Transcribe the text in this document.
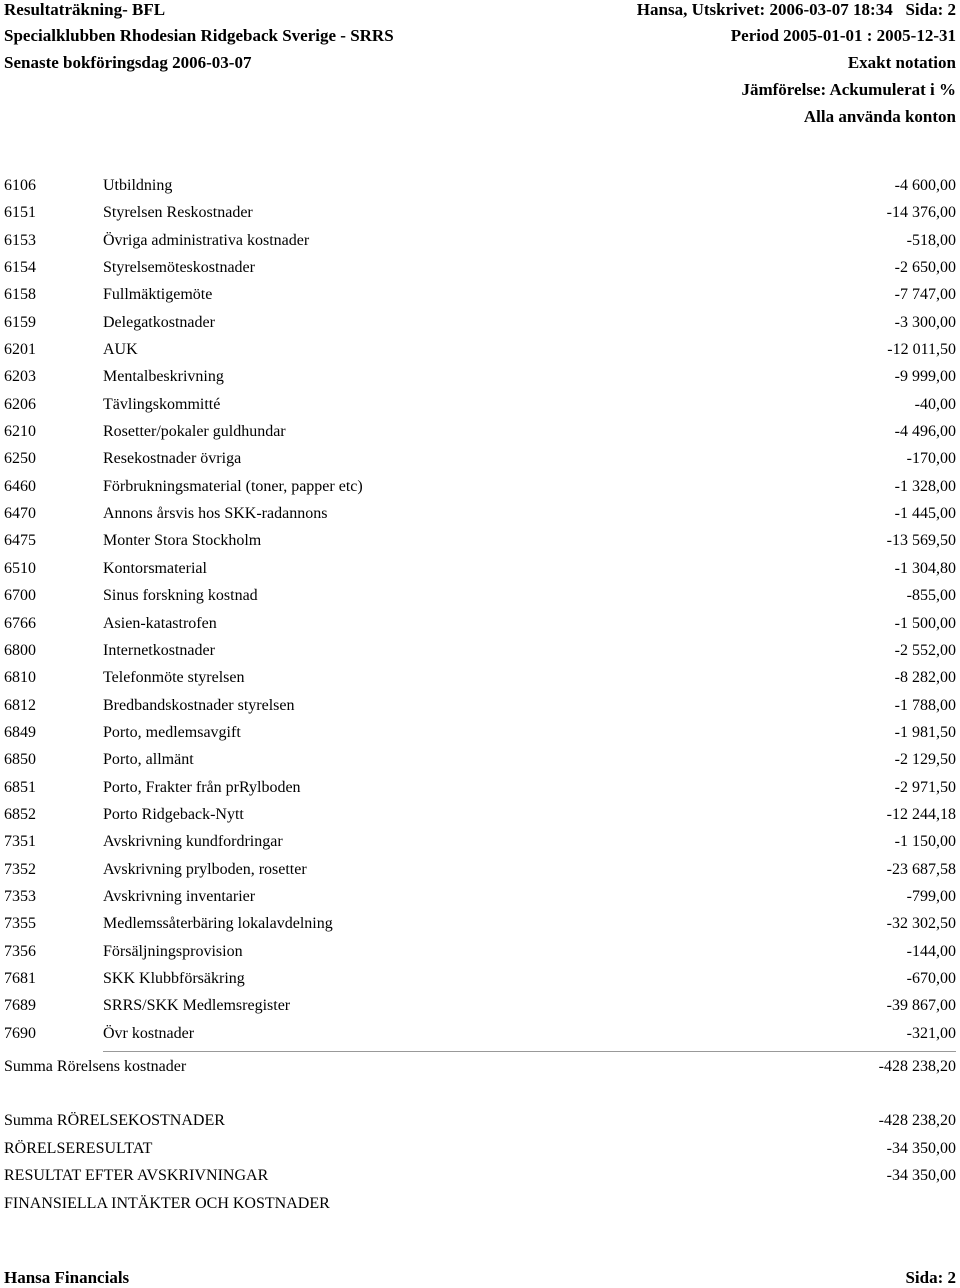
Resultaträkning- BFL	Hansa, Utskrivet: 2006-03-07 18:34 Sida: 2
Specialklubben Rhodesian Ridgeback Sverige - SRRS	Period 2005-01-01 : 2005-12-31
Senaste bokföringsdag 2006-03-07	Exakt notation
Jämförelse: Ackumulerat i %
Alla använda konton
6106	Utbildning	-4 600,00
6151	Styrelsen Reskostnader	-14 376,00
6153	Övriga administrativa kostnader	-518,00
6154	Styrelsemöteskostnader	-2 650,00
6158	Fullmäktigemöte	-7 747,00
6159	Delegatkostnader	-3 300,00
6201	AUK	-12 011,50
6203	Mentalbeskrivning	-9 999,00
6206	Tävlingskommitté	-40,00
6210	Rosetter/pokaler guldhundar	-4 496,00
6250	Resekostnader övriga	-170,00
6460	Förbrukningsmaterial (toner, papper etc)	-1 328,00
6470	Annons årsvis hos SKK-radannons	-1 445,00
6475	Monter Stora Stockholm	-13 569,50
6510	Kontorsmaterial	-1 304,80
6700	Sinus forskning kostnad	-855,00
6766	Asien-katastrofen	-1 500,00
6800	Internetkostnader	-2 552,00
6810	Telefonmöte styrelsen	-8 282,00
6812	Bredbandskostnader styrelsen	-1 788,00
6849	Porto, medlemsavgift	-1 981,50
6850	Porto, allmänt	-2 129,50
6851	Porto, Frakter från prRylboden	-2 971,50
6852	Porto Ridgeback-Nytt	-12 244,18
7351	Avskrivning kundfordringar	-1 150,00
7352	Avskrivning prylboden, rosetter	-23 687,58
7353	Avskrivning inventarier	-799,00
7355	Medlemssåterbäring lokalavdelning	-32 302,50
7356	Försäljningsprovision	-144,00
7681	SKK Klubbförsäkring	-670,00
7689	SRRS/SKK Medlemsregister	-39 867,00
7690	Övr kostnader	-321,00
Summa Rörelsens kostnader	-428 238,20
Summa RÖRELSEKOSTNADER	-428 238,20
RÖRELSERESULTAT	-34 350,00
RESULTAT EFTER AVSKRIVNINGAR	-34 350,00
FINANSIELLA INTÄKTER OCH KOSTNADER
Hansa Financials	Sida: 2
